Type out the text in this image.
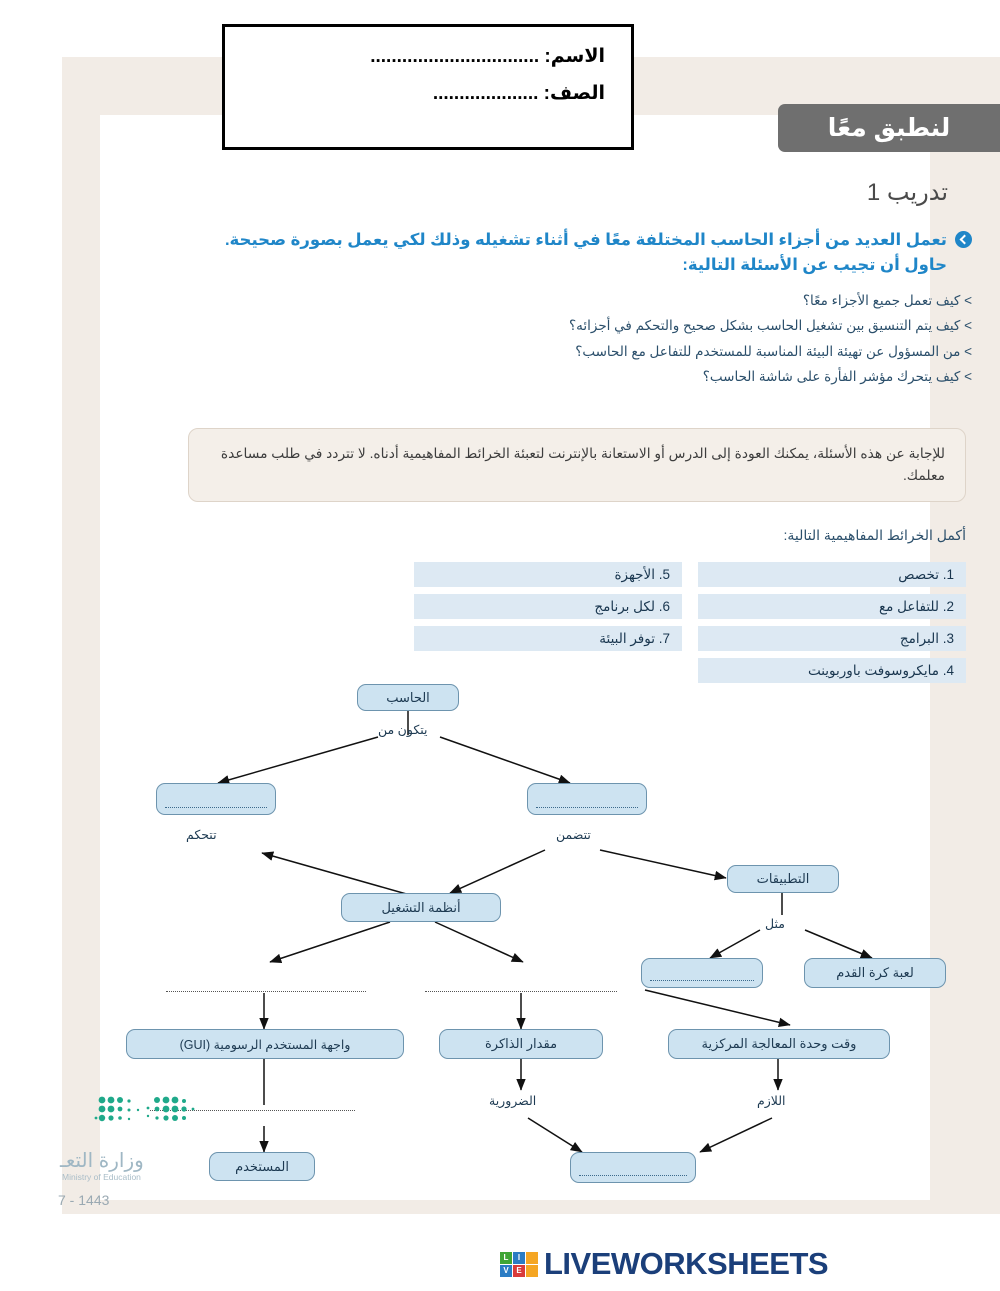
الاسم: ................................
الصف: ....................
لنطبق معًا
تدريب 1
تعمل العديد من أجزاء الحاسب المختلفة معًا في أثناء تشغيله وذلك لكي يعمل بصورة صحيحة. حاول أن تجيب عن الأسئلة التالية:
> كيف تعمل جميع الأجزاء معًا؟
> كيف يتم التنسيق بين تشغيل الحاسب بشكل صحيح والتحكم في أجزائه؟
> من المسؤول عن تهيئة البيئة المناسبة للمستخدم للتفاعل مع الحاسب؟
> كيف يتحرك مؤشر الفأرة على شاشة الحاسب؟
للإجابة عن هذه الأسئلة، يمكنك العودة إلى الدرس أو الاستعانة بالإنترنت لتعبئة الخرائط المفاهيمية أدناه. لا تتردد في طلب مساعدة معلمك.
أكمل الخرائط المفاهيمية التالية:
1. تخصص
2. للتفاعل مع
3. البرامج
4. مايكروسوفت باوربوينت
5. الأجهزة
6. لكل برنامج
7. توفر البيئة
الحاسب
يتكون من
تتحكم	تتضمن
التطبيقات
أنظمة التشغيل
مثل
لعبة كرة القدم
واجهة المستخدم الرسومية (GUI)	مقدار الذاكرة	وقت وحدة المعالجة المركزية
الضرورية	اللازم
المستخدم
وزارة التعـ
Ministry of Education
1443 - 7
L	I
V E LIVEWORKSHEETS
